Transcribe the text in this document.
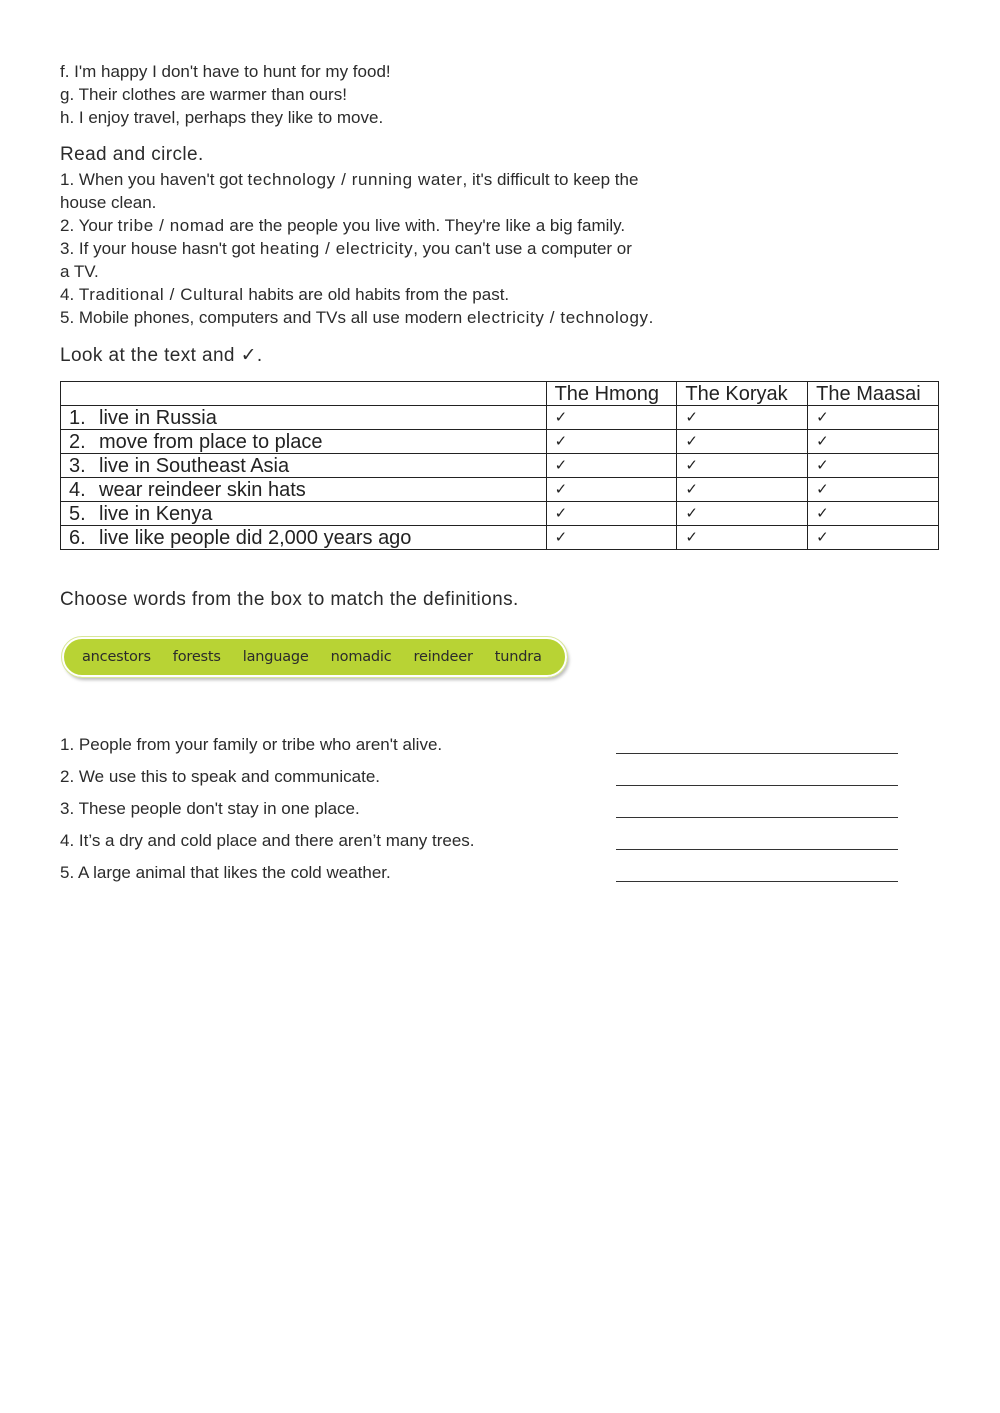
f. I'm happy I don't have to hunt for my food!
g. Their clothes are warmer than ours!
h. I enjoy travel, perhaps they like to move.
Read and circle.
1. When you haven't got technology / running water, it's difficult to keep the
house clean.
2. Your tribe / nomad are the people you live with. They're like a big family.
3. If your house hasn't got heating / electricity, you can't use a computer or
a TV.
4. Traditional / Cultural habits are old habits from the past.
5. Mobile phones, computers and TVs all use modern electricity / technology.
Look at the text and ✓.
	The Hmong	The Koryak	The Maasai
1. live in Russia	✓	✓	✓
2. move from place to place	✓	✓	✓
3. live in Southeast Asia	✓	✓	✓
4. wear reindeer skin hats	✓	✓	✓
5. live in Kenya	✓	✓	✓
6. live like people did 2,000 years ago	✓	✓	✓
Choose words from the box to match the definitions.
ancestors forests language nomadic reindeer tundra
1. People from your family or tribe who aren't alive.
2. We use this to speak and communicate.
3. These people don't stay in one place.
4. It’s a dry and cold place and there aren’t many trees.
5. A large animal that likes the cold weather.
